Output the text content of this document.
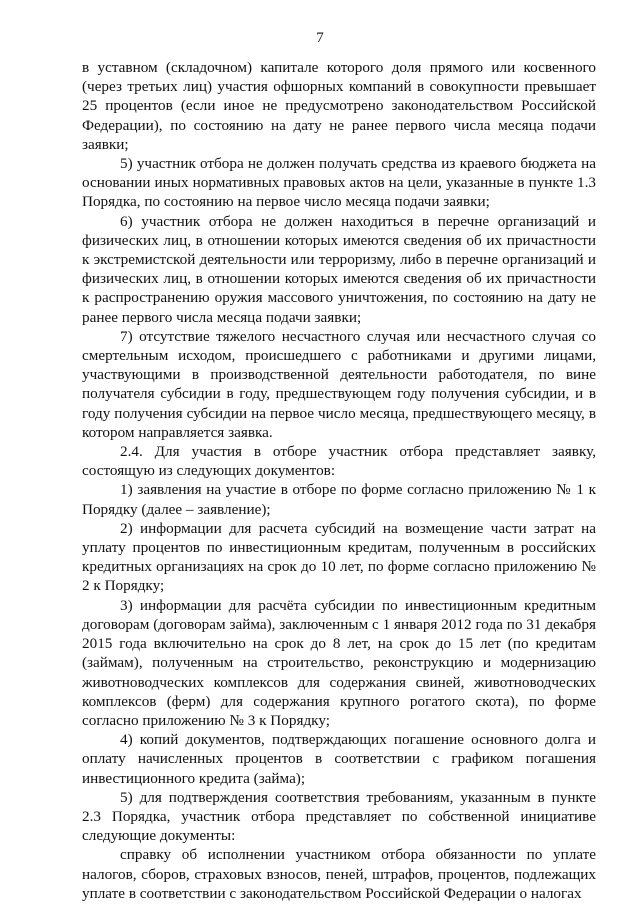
7

в уставном (складочном) капитале которого доля прямого или косвенного (через третьих лиц) участия офшорных компаний в совокупности превышает 25 процентов (если иное не предусмотрено законодательством Российской Федерации), по состоянию на дату не ранее первого числа месяца подачи заявки;

5) участник отбора не должен получать средства из краевого бюджета на основании иных нормативных правовых актов на цели, указанные в пункте 1.3 Порядка, по состоянию на первое число месяца подачи заявки;

6) участник отбора не должен находиться в перечне организаций и физических лиц, в отношении которых имеются сведения об их причастности к экстремистской деятельности или терроризму, либо в перечне организаций и физических лиц, в отношении которых имеются сведения об их причастности к распространению оружия массового уничтожения, по состоянию на дату не ранее первого числа месяца подачи заявки;

7) отсутствие тяжелого несчастного случая или несчастного случая со смертельным исходом, происшедшего с работниками и другими лицами, участвующими в производственной деятельности работодателя, по вине получателя субсидии в году, предшествующем году получения субсидии, и в году получения субсидии на первое число месяца, предшествующего месяцу, в котором направляется заявка.

2.4. Для участия в отборе участник отбора представляет заявку, состоящую из следующих документов:

1) заявления на участие в отборе по форме согласно приложению № 1 к Порядку (далее – заявление);

2) информации для расчета субсидий на возмещение части затрат на уплату процентов по инвестиционным кредитам, полученным в российских кредитных организациях на срок до 10 лет, по форме согласно приложению № 2 к Порядку;

3) информации для расчёта субсидии по инвестиционным кредитным договорам (договорам займа), заключенным с 1 января 2012 года по 31 декабря 2015 года включительно на срок до 8 лет, на срок до 15 лет (по кредитам (займам), полученным на строительство, реконструкцию и модернизацию животноводческих комплексов для содержания свиней, животноводческих комплексов (ферм) для содержания крупного рогатого скота), по форме согласно приложению № 3 к Порядку;

4) копий документов, подтверждающих погашение основного долга и оплату начисленных процентов в соответствии с графиком погашения инвестиционного кредита (займа);

5) для подтверждения соответствия требованиям, указанным в пункте 2.3 Порядка, участник отбора представляет по собственной инициативе следующие документы:

справку об исполнении участником отбора обязанности по уплате налогов, сборов, страховых взносов, пеней, штрафов, процентов, подлежащих уплате в соответствии с законодательством Российской Федерации о налогах
